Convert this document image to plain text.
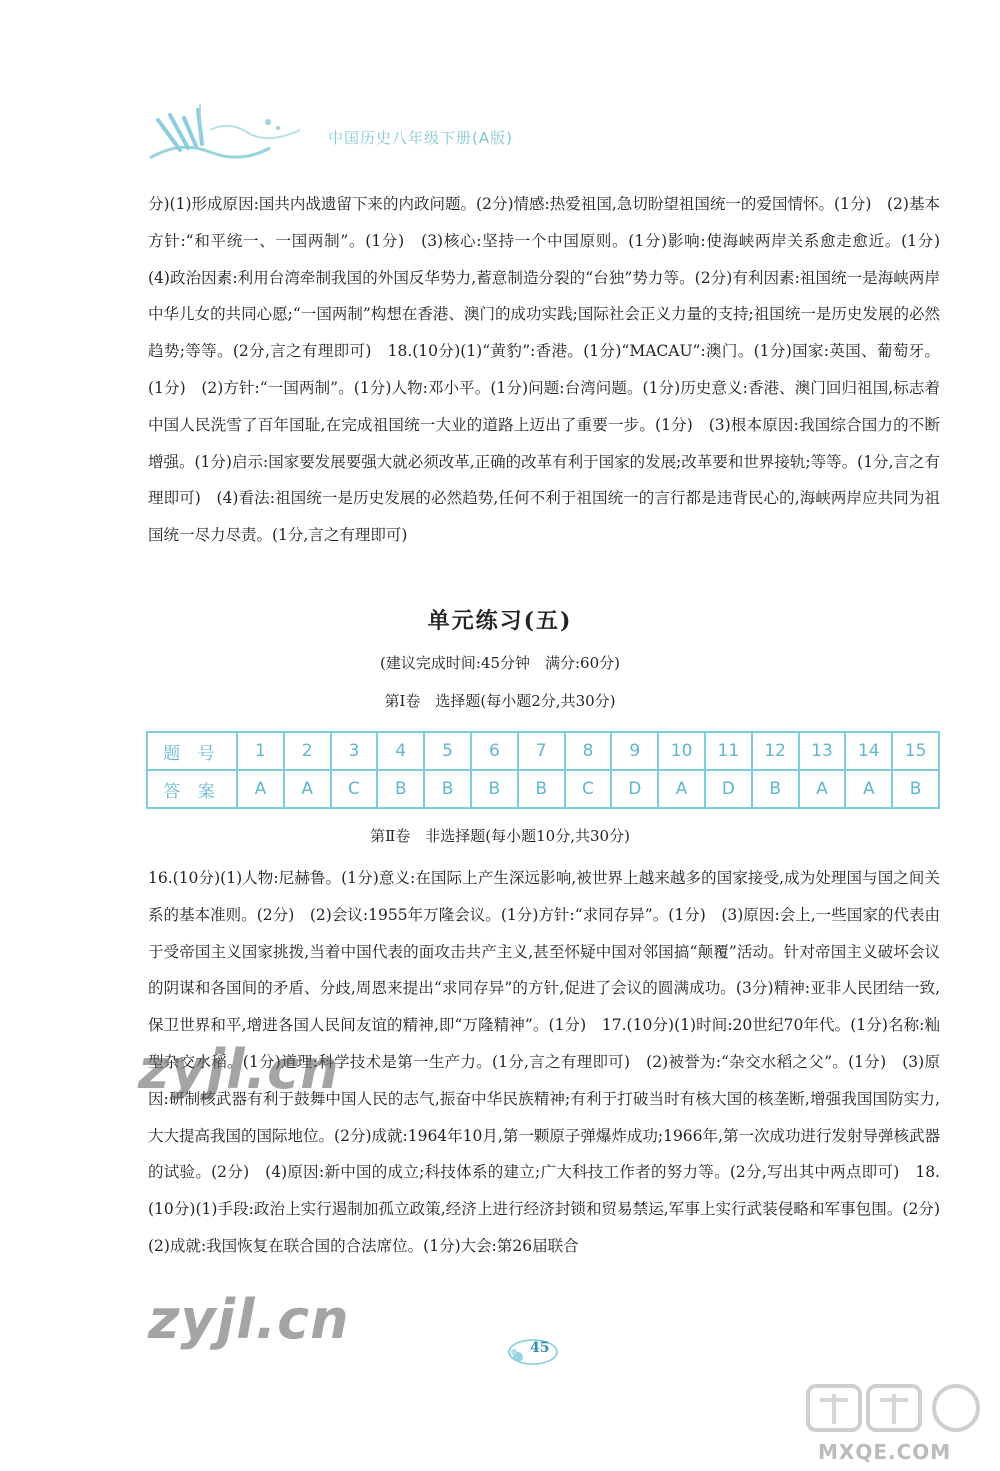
中国历史八年级下册(A版)

分)(1)形成原因:国共内战遗留下来的内政问题。(2分)情感:热爱祖国,急切盼望祖国统一的爱国情怀。(1分)　(2)基本方针:“和平统一、一国两制”。(1分)　(3)核心:坚持一个中国原则。(1分)影响:使海峡两岸关系愈走愈近。(1分)　(4)政治因素:利用台湾牵制我国的外国反华势力,蓄意制造分裂的“台独”势力等。(2分)有利因素:祖国统一是海峡两岸中华儿女的共同心愿;“一国两制”构想在香港、澳门的成功实践;国际社会正义力量的支持;祖国统一是历史发展的必然趋势;等等。(2分,言之有理即可)　18.(10分)(1)“黄豹”:香港。(1分)“MACAU”:澳门。(1分)国家:英国、葡萄牙。(1分)　(2)方针:“一国两制”。(1分)人物:邓小平。(1分)问题:台湾问题。(1分)历史意义:香港、澳门回归祖国,标志着中国人民洗雪了百年国耻,在完成祖国统一大业的道路上迈出了重要一步。(1分)　(3)根本原因:我国综合国力的不断增强。(1分)启示:国家要发展要强大就必须改革,正确的改革有利于国家的发展;改革要和世界接轨;等等。(1分,言之有理即可)　(4)看法:祖国统一是历史发展的必然趋势,任何不利于祖国统一的言行都是违背民心的,海峡两岸应共同为祖国统一尽力尽责。(1分,言之有理即可)

单元练习(五)
(建议完成时间:45分钟　满分:60分)
第Ⅰ卷　选择题(每小题2分,共30分)
题 号	1	2	3	4	5	6	7	8	9	10	11	12	13	14	15
答 案	A	A	C	B	B	B	B	C	D	A	D	B	A	A	B
第Ⅱ卷　非选择题(每小题10分,共30分)

16.(10分)(1)人物:尼赫鲁。(1分)意义:在国际上产生深远影响,被世界上越来越多的国家接受,成为处理国与国之间关系的基本准则。(2分)　(2)会议:1955年万隆会议。(1分)方针:“求同存异”。(1分)　(3)原因:会上,一些国家的代表由于受帝国主义国家挑拨,当着中国代表的面攻击共产主义,甚至怀疑中国对邻国搞“颠覆”活动。针对帝国主义破坏会议的阴谋和各国间的矛盾、分歧,周恩来提出“求同存异”的方针,促进了会议的圆满成功。(3分)精神:亚非人民团结一致,保卫世界和平,增进各国人民间友谊的精神,即“万隆精神”。(1分)　17.(10分)(1)时间:20世纪70年代。(1分)名称:籼型杂交水稻。(1分)道理:科学技术是第一生产力。(1分,言之有理即可)　(2)被誉为:“杂交水稻之父”。(1分)　(3)原因:研制核武器有利于鼓舞中国人民的志气,振奋中华民族精神;有利于打破当时有核大国的核垄断,增强我国国防实力,大大提高我国的国际地位。(2分)成就:1964年10月,第一颗原子弹爆炸成功;1966年,第一次成功进行发射导弹核武器的试验。(2分)　(4)原因:新中国的成立;科技体系的建立;广大科技工作者的努力等。(2分,写出其中两点即可)　18.(10分)(1)手段:政治上实行遏制加孤立政策,经济上进行经济封锁和贸易禁运,军事上实行武装侵略和军事包围。(2分)　(2)成就:我国恢复在联合国的合法席位。(1分)大会:第26届联合

zyjl.cn
zyjl.cn	45
MXQE.COM
